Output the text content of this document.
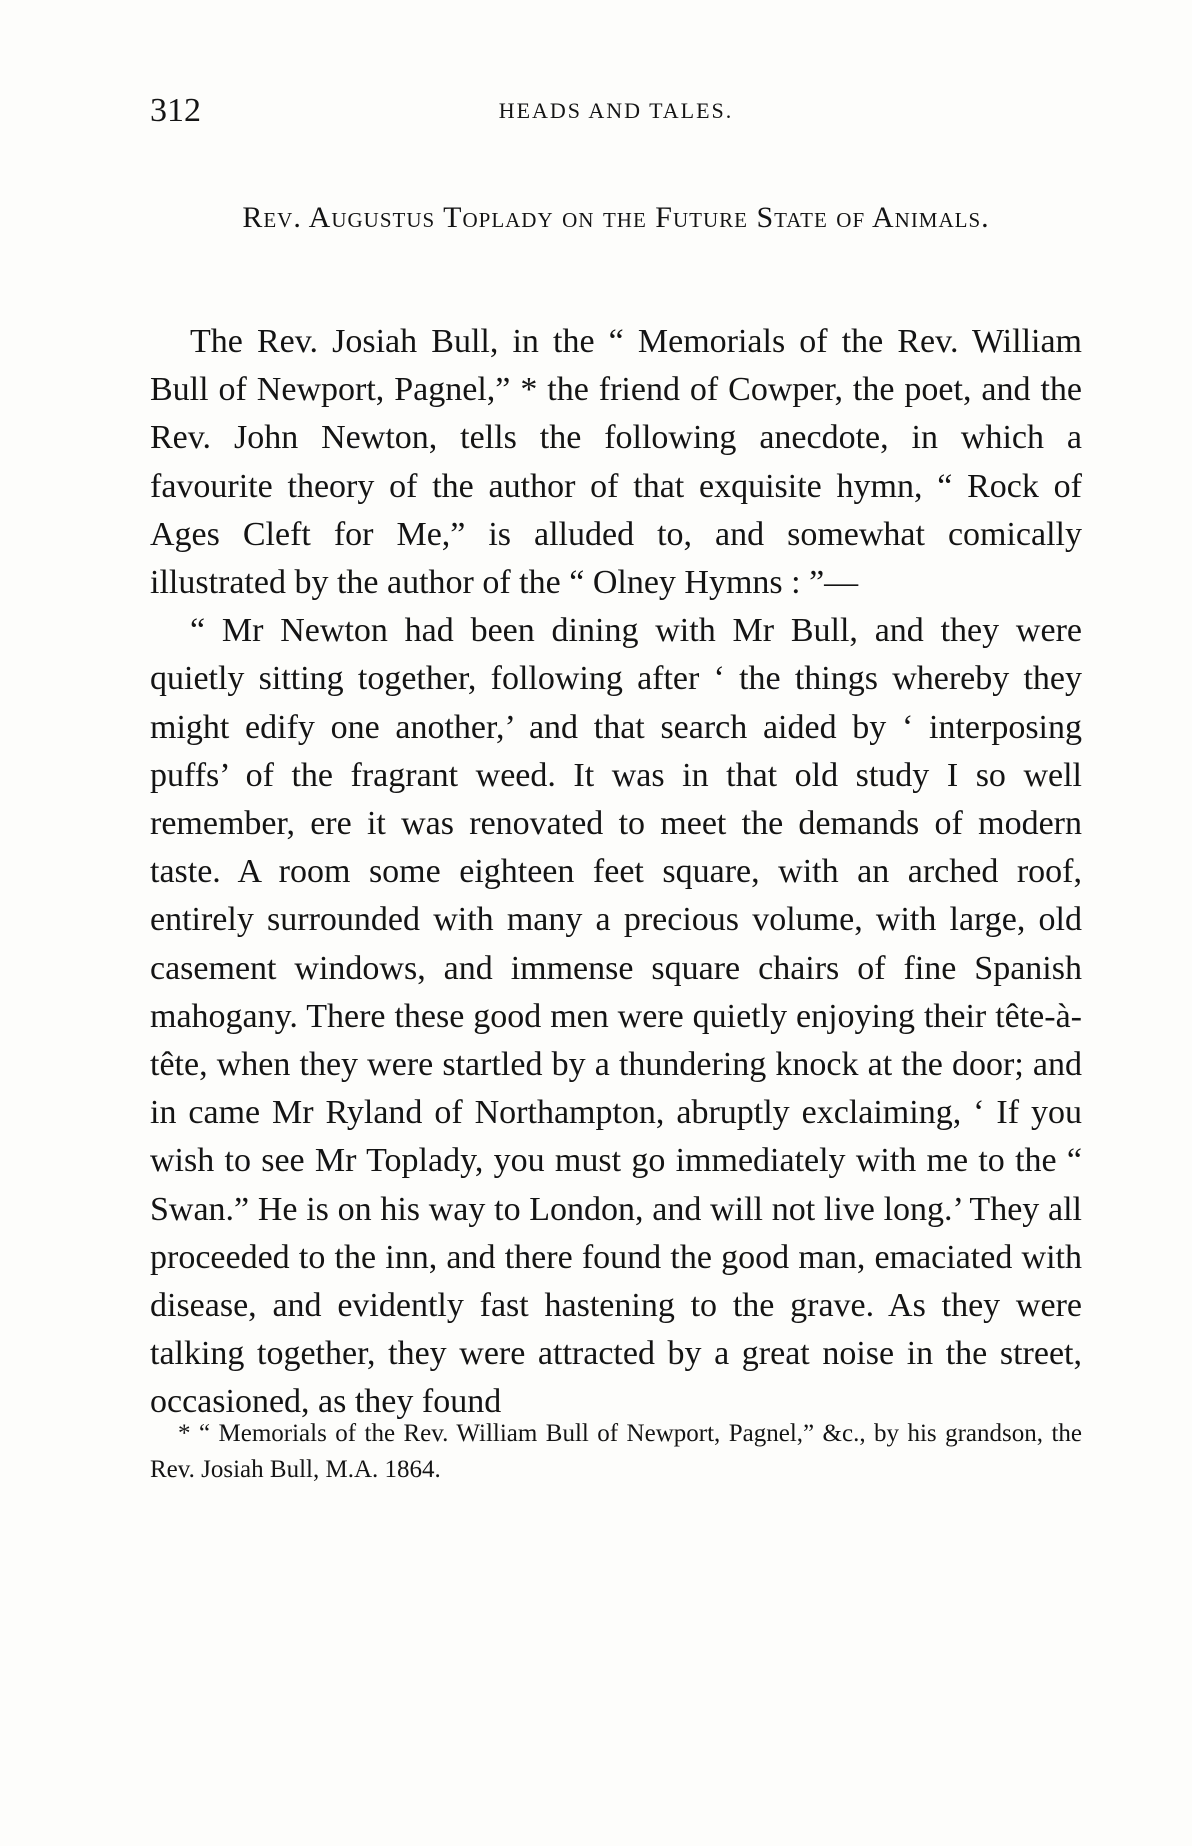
312	HEADS AND TALES.
Rev. Augustus Toplady on the Future State of Animals.

The Rev. Josiah Bull, in the “ Memorials of the Rev. William Bull of Newport, Pagnel,” * the friend of Cowper, the poet, and the Rev. John Newton, tells the following anecdote, in which a favourite theory of the author of that exquisite hymn, “ Rock of Ages Cleft for Me,” is alluded to, and somewhat comically illustrated by the author of the “ Olney Hymns : ”—

“ Mr Newton had been dining with Mr Bull, and they were quietly sitting together, following after ‘ the things whereby they might edify one another,’ and that search aided by ‘ interposing puffs’ of the fragrant weed. It was in that old study I so well remember, ere it was renovated to meet the demands of modern taste. A room some eighteen feet square, with an arched roof, entirely surrounded with many a precious volume, with large, old casement windows, and immense square chairs of fine Spanish mahogany. There these good men were quietly enjoying their tête-à-tête, when they were startled by a thundering knock at the door; and in came Mr Ryland of Northampton, abruptly exclaiming, ‘ If you wish to see Mr Toplady, you must go immediately with me to the “ Swan.” He is on his way to London, and will not live long.’ They all proceeded to the inn, and there found the good man, emaciated with disease, and evidently fast hastening to the grave. As they were talking together, they were attracted by a great noise in the street, occasioned, as they found

* “ Memorials of the Rev. William Bull of Newport, Pagnel,” &c., by his grandson, the Rev. Josiah Bull, M.A. 1864.
